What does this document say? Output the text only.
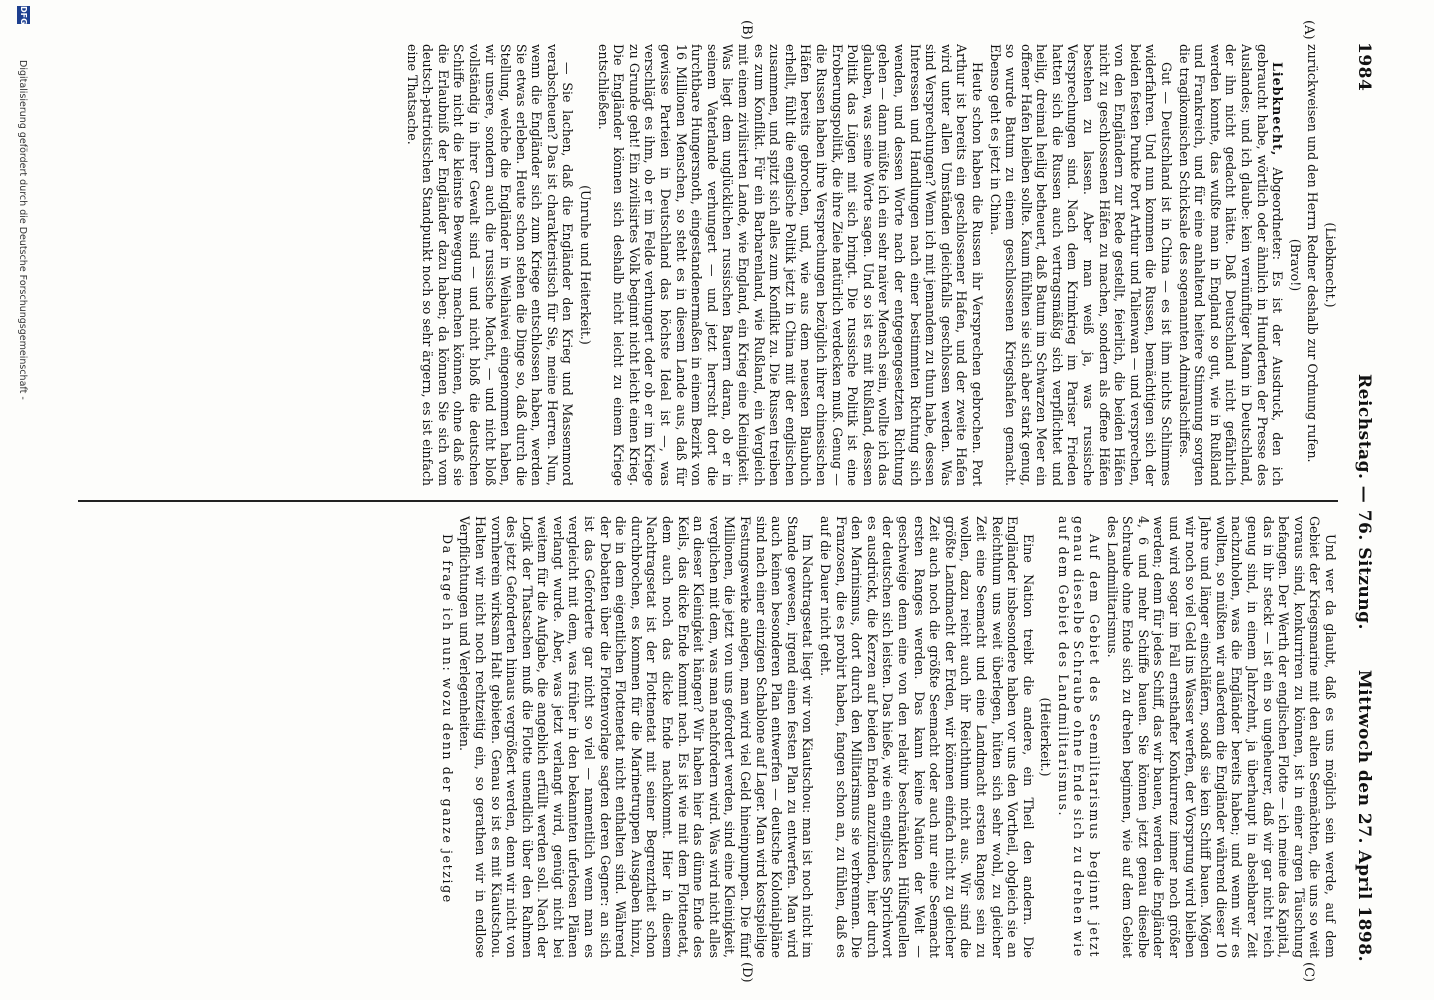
1984
Reichstag. — 76. Sitzung.
Mittwoch den 27. April 1898.
(A)
(B)
(C)
(D)

(Liebknecht.)

zurückweisen und den Herrn Redner deshalb zur Ordnung rufen.

(Bravo!)

Liebknecht, Abgeordneter: Es ist der Ausdruck, den ich gebraucht habe, wörtlich oder ähnlich in Hunderten der Presse des Auslandes; und ich glaube: kein vernünftiger Mann in Deutschland, der ihn nicht gedacht hätte. Daß Deutschland nicht gefährlich werden konnte, das wußte man in England so gut, wie in Rußland und Frankreich, und für eine anhaltend heitere Stimmung sorgten die tragikomischen Schicksale des sogenannten Admiralschiffes.

Gut — Deutschland ist in China — es ist ihm nichts Schlimmes widerfahren. Und nun kommen die Russen, bemächtigen sich der beiden festen Punkte Port Arthur und Talienwan — und versprechen, von den Engländern zur Rede gestellt, feierlich, die beiden Häfen nicht zu geschlossenen Häfen zu machen, sondern als offene Häfen bestehen zu lassen. Aber man weiß ja, was russische Versprechungen sind. Nach dem Krimkrieg im Pariser Frieden hatten sich die Russen auch vertragsmäßig sich verpflichtet und heilig, dreimal heilig betheuert, daß Batum im Schwarzen Meer ein offener Hafen bleiben sollte. Kaum fühlten sie sich aber stark genug, so wurde Batum zu einem geschlossenen Kriegshafen gemacht. Ebenso geht es jetzt in China.

Heute schon haben die Russen ihr Versprechen gebrochen. Port Arthur ist bereits ein geschlossener Hafen, und der zweite Hafen wird unter allen Umständen gleichfalls geschlossen werden. Was sind Versprechungen? Wenn ich mit jemandem zu thun habe, dessen Interessen und Handlungen nach einer bestimmten Richtung sich wenden, und dessen Worte nach der entgegengesetzten Richtung gehen — dann müßte ich ein sehr naiver Mensch sein, wollte ich das glauben, was seine Worte sagen. Und so ist es mit Rußland, dessen Politik das Lügen mit sich bringt. Die russische Politik ist eine Eroberungspolitik, die ihre Ziele natürlich verdecken muß. Genug — die Russen haben ihre Versprechungen bezüglich ihrer chinesischen Häfen bereits gebrochen, und, wie aus dem neuesten Blaubuch erhellt, fühlt die englische Politik jetzt in China mit der englischen zusammen, und spitzt sich alles zum Konflikt zu. Die Russen treiben es zum Konflikt. Für ein Barbarenland, wie Rußland, ein Vergleich mit einem zivilisirten Lande, wie England, ein Krieg eine Kleinigkeit. Was liegt dem unglücklichen russischen Bauern daran, ob er in seinem Vaterlande verhungert — und jetzt herrscht dort die furchtbare Hungersnoth, eingestandenermaßen in einem Bezirk von 16 Millionen Menschen, so steht es in diesem Lande aus, daß für gewisse Parteien in Deutschland das höchste Ideal ist —, was verschlägt es ihm, ob er im Felde verhungert oder ob er im Kriege zu Grunde geht! Ein zivilisirtes Volk beginnt nicht leicht einen Krieg. Die Engländer können sich deshalb nicht leicht zu einem Kriege entschließen.

(Unruhe und Heiterkeit.)

— Sie lachen, daß die Engländer den Krieg und Massenmord verabscheuen? Das ist charakteristisch für Sie, meine Herren. Nun, wenn die Engländer sich zum Kriege entschlossen haben, werden Sie etwas erleben. Heute schon stehen die Dinge so, daß durch die Stellung, welche die Engländer in Weihaiwei eingenommen haben, wir unsere, sondern auch die russische Macht, — und nicht bloß vollständig in ihrer Gewalt sind — und nicht bloß die deutschen Schiffe nicht die kleinste Bewegung machen können, ohne daß sie die Erlaubniß der Engländer dazu haben; da können Sie sich vom deutsch-patriotischen Standpunkt noch so sehr ärgern, es ist einfach eine Thatsache.

Und wer da glaubt, daß es uns möglich sein werde, auf dem Gebiet der Kriegsmarine mit den alten Seemächten, die uns so weit voraus sind, konkurriren zu können, ist in einer argen Täuschung befangen. Der Werth der englischen Flotte — ich meine das Kapital, das in ihr steckt — ist ein so ungeheurer, daß wir gar nicht reich genug sind, in einem Jahrzehnt, ja überhaupt in absehbarer Zeit nachzuholen, was die Engländer bereits haben; und wenn wir es wollten, so müßten wir außerdem die Engländer während dieser 10 Jahre und länger einschläfern, sodaß sie kein Schiff bauen. Mögen wir noch so viel Geld ins Wasser werfen, der Vorsprung wird bleiben und wird sogar im Fall ernsthafter Konkurrenz immer noch größer werden; denn für jedes Schiff, das wir bauen, werden die Engländer 4, 6 und mehr Schiffe bauen. Sie können jetzt genau dieselbe Schraube ohne Ende sich zu drehen beginnen, wie auf dem Gebiet des Landmilitarismus.

Auf dem Gebiet des Seemilitarismus beginnt jetzt genau dieselbe Schraube ohne Ende sich zu drehen wie auf dem Gebiet des Landmilitarismus.

(Heiterkeit.)

Eine Nation treibt die andere, ein Theil den andern. Die Engländer insbesondere haben vor uns den Vortheil, obgleich sie an Reichthum uns weit überlegen, hüten sich sehr wohl, zu gleicher Zeit eine Seemacht und eine Landmacht ersten Ranges sein zu wollen, dazu reicht auch ihr Reichthum nicht aus. Wir sind die größte Landmacht der Erden, wir können einfach nicht zu gleicher Zeit auch noch die größte Seemacht oder auch nur eine Seemacht ersten Ranges werden. Das kann keine Nation der Welt — geschweige denn eine von den relativ beschränkten Hülfsquellen der deutschen sich leisten. Das hieße, wie ein englisches Sprichwort es ausdrückt, die Kerzen auf beiden Enden anzuzünden, hier durch den Marinismus, dort durch den Militarismus sie verbrennen. Die Franzosen, die es probirt haben, fangen schon an, zu fühlen, daß es auf die Dauer nicht geht.

Im Nachtragsetat liegt wir von Kiautschou: man ist noch nicht im Stande gewesen, irgend einen festen Plan zu entwerfen. Man wird auch keinen besonderen Plan entwerfen — deutsche Kolonialpläne sind nach einer einzigen Schablone auf Lager. Man wird kostspielige Festungswerke anlegen, man wird viel Geld hineinpumpen. Die fünf Millionen, die jetzt von uns gefordert werden, sind eine Kleinigkeit, verglichen mit dem, was man nachfordern wird. Was wird nicht alles an dieser Kleinigkeit hängen? Wir haben hier das dünne Ende des Keils, das dicke Ende kommt nach. Es ist wie mit dem Flottenetat, dem auch noch das dicke Ende nachkommt. Hier in diesem Nachtragsetat ist der Flottenetat mit seiner Begrenztheit schon durchbrochen, es kommen für die Marinetruppen Ausgaben hinzu, die in dem eigentlichen Flottenetat nicht enthalten sind. Während der Debatten über die Flottenvorlage sagten deren Gegner: an sich ist das Geforderte gar nicht so viel — namentlich wenn man es vergleicht mit dem, was früher in den bekannten uferlosen Plänen verlangt wurde. Aber, was jetzt verlangt wird, genügt nicht bei weitem für die Aufgabe, die angeblich erfüllt werden soll. Nach der Logik der Thatsachen muß die Flotte unendlich über den Rahmen des jetzt Geforderten hinaus vergrößert werden, denn wir nicht von vornherein wirksam Halt gebieten. Genau so ist es mit Kiautschou. Halten wir nicht noch rechtzeitig ein, so gerathen wir in endlose Verpflichtungen und Verlegenheiten.

Da frage ich nun: wozu denn der ganze jetzige

Digitalisierung gefördert durch die Deutsche Forschungsgemeinschaft -
DFG
